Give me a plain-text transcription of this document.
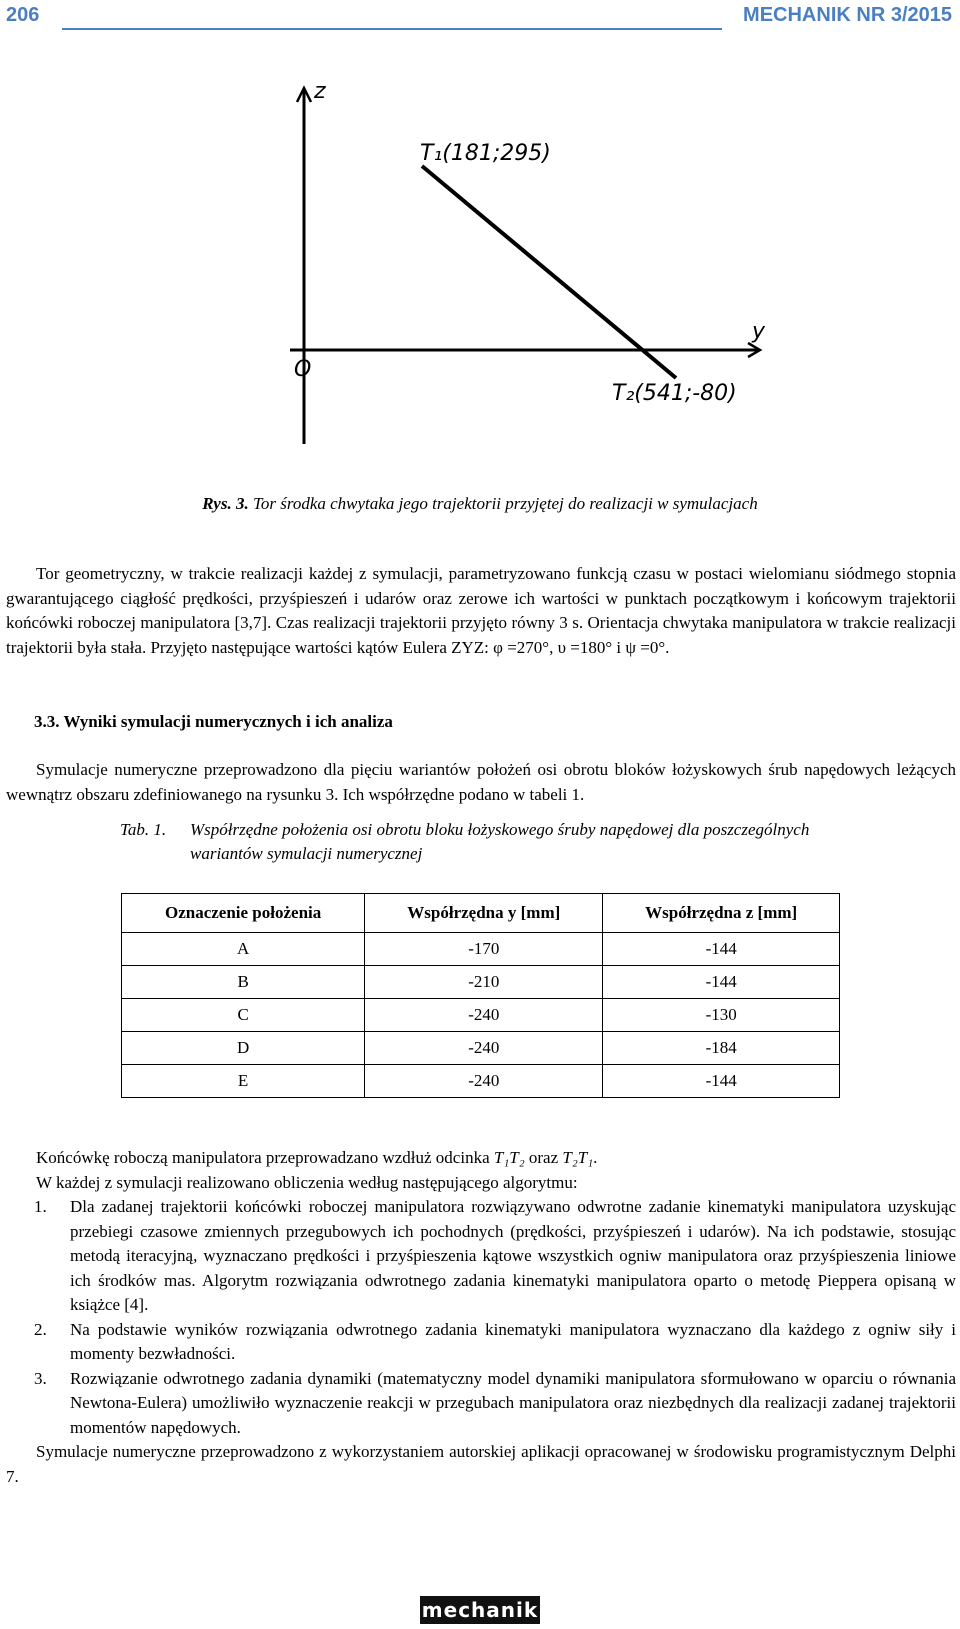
206	MECHANIK NR 3/2015
z
y
O
T₁(181;295)
T₂(541;-80)
Rys. 3. Tor środka chwytaka jego trajektorii przyjętej do realizacji w symulacjach

Tor geometryczny, w trakcie realizacji każdej z symulacji, parametryzowano funkcją czasu w postaci wielomianu siódmego stopnia gwarantującego ciągłość prędkości, przyśpieszeń i udarów oraz zerowe ich wartości w punktach początkowym i końcowym trajektorii końcówki roboczej manipulatora [3,7]. Czas realizacji trajektorii przyjęto równy 3 s. Orientacja chwytaka manipulatora w trakcie realizacji trajektorii była stała. Przyjęto następujące wartości kątów Eulera ZYZ: φ =270°, υ =180° i ψ =0°.

3.3. Wyniki symulacji numerycznych i ich analiza

Symulacje numeryczne przeprowadzono dla pięciu wariantów położeń osi obrotu bloków łożyskowych śrub napędowych leżących wewnątrz obszaru zdefiniowanego na rysunku 3. Ich współrzędne podano w tabeli 1.

Tab. 1. Współrzędne położenia osi obrotu bloku łożyskowego śruby napędowej dla poszczególnych wariantów symulacji numerycznej
Oznaczenie położenia	Współrzędna y [mm]	Współrzędna z [mm]
A	-170	-144
B	-210	-144
C	-240	-130
D	-240	-184
E	-240	-144

Końcówkę roboczą manipulatora przeprowadzano wzdłuż odcinka T₁T₂ oraz T₂T₁.

W każdej z symulacji realizowano obliczenia według następującego algorytmu:

1. Dla zadanej trajektorii końcówki roboczej manipulatora rozwiązywano odwrotne zadanie kinematyki manipulatora uzyskując przebiegi czasowe zmiennych przegubowych ich pochodnych (prędkości, przyśpieszeń i udarów). Na ich podstawie, stosując metodą iteracyjną, wyznaczano prędkości i przyśpieszenia kątowe wszystkich ogniw manipulatora oraz przyśpieszenia liniowe ich środków mas. Algorytm rozwiązania odwrotnego zadania kinematyki manipulatora oparto o metodę Pieppera opisaną w książce [4].
2. Na podstawie wyników rozwiązania odwrotnego zadania kinematyki manipulatora wyznaczano dla każdego z ogniw siły i momenty bezwładności.
3. Rozwiązanie odwrotnego zadania dynamiki (matematyczny model dynamiki manipulatora sformułowano w oparciu o równania Newtona-Eulera) umożliwiło wyznaczenie reakcji w przegubach manipulatora oraz niezbędnych dla realizacji zadanej trajektorii momentów napędowych.

Symulacje numeryczne przeprowadzono z wykorzystaniem autorskiej aplikacji opracowanej w środowisku programistycznym Delphi 7.

mechanik
